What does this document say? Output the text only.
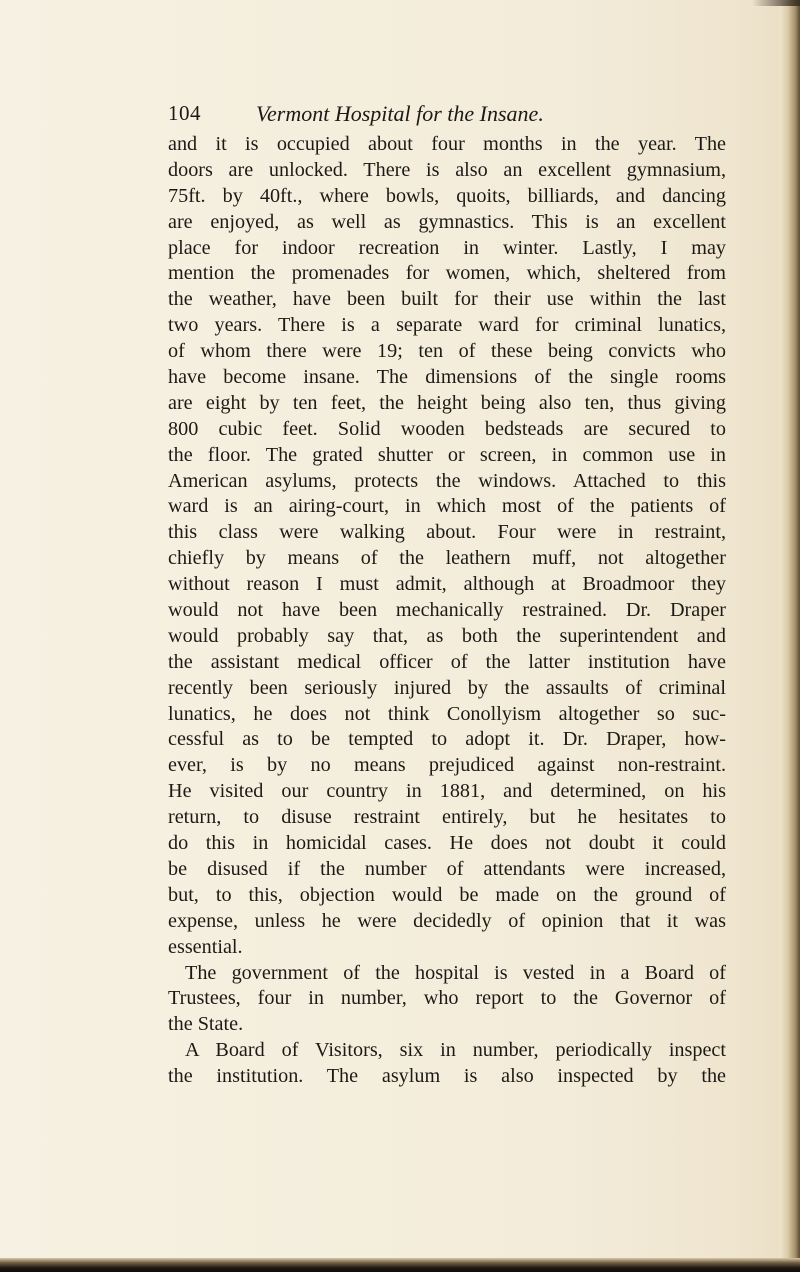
104	Vermont Hospital for the Insane.
and it is occupied about four months in the year. The
doors are unlocked. There is also an excellent gymnasium,
75ft. by 40ft., where bowls, quoits, billiards, and dancing
are enjoyed, as well as gymnastics. This is an excellent
place for indoor recreation in winter. Lastly, I may
mention the promenades for women, which, sheltered from
the weather, have been built for their use within the last
two years. There is a separate ward for criminal lunatics,
of whom there were 19; ten of these being convicts who
have become insane. The dimensions of the single rooms
are eight by ten feet, the height being also ten, thus giving
800 cubic feet. Solid wooden bedsteads are secured to
the floor. The grated shutter or screen, in common use in
American asylums, protects the windows. Attached to this
ward is an airing-court, in which most of the patients of
this class were walking about. Four were in restraint,
chiefly by means of the leathern muff, not altogether
without reason I must admit, although at Broadmoor they
would not have been mechanically restrained. Dr. Draper
would probably say that, as both the superintendent and
the assistant medical officer of the latter institution have
recently been seriously injured by the assaults of criminal
lunatics, he does not think Conollyism altogether so suc-
cessful as to be tempted to adopt it. Dr. Draper, how-
ever, is by no means prejudiced against non-restraint.
He visited our country in 1881, and determined, on his
return, to disuse restraint entirely, but he hesitates to
do this in homicidal cases. He does not doubt it could
be disused if the number of attendants were increased,
but, to this, objection would be made on the ground of
expense, unless he were decidedly of opinion that it was
essential.
The government of the hospital is vested in a Board of
Trustees, four in number, who report to the Governor of
the State.
A Board of Visitors, six in number, periodically inspect
the institution. The asylum is also inspected by the
